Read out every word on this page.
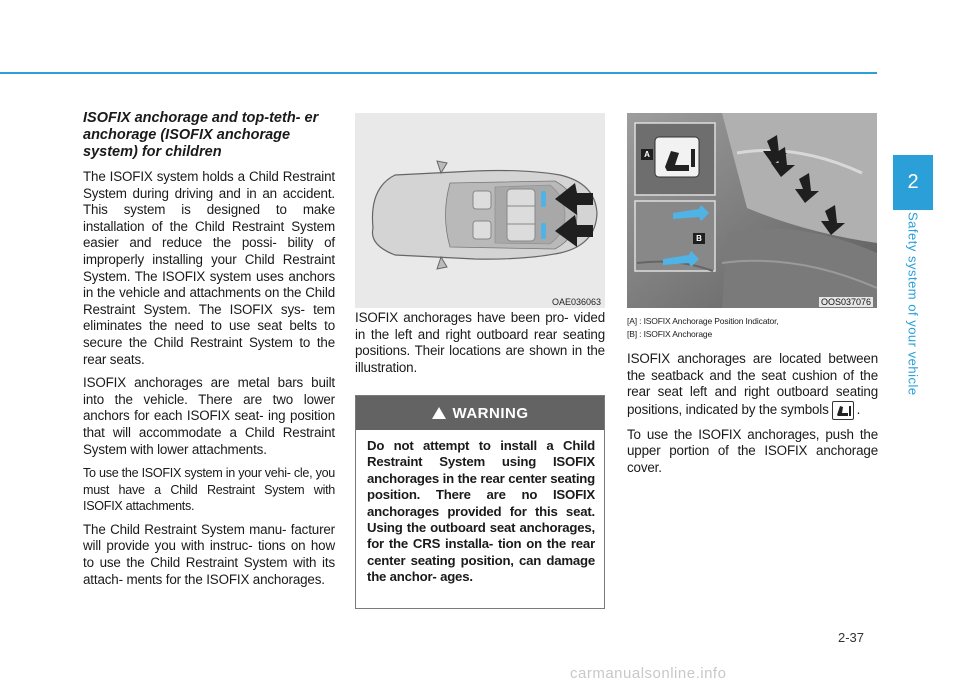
2
Safety system of your vehicle
ISOFIX anchorage and top-teth- er anchorage (ISOFIX anchorage system) for children

The ISOFIX system holds a Child Restraint System during driving and in an accident. This system is designed to make installation of the Child Restraint System easier and reduce the possi- bility of improperly installing your Child Restraint System. The ISOFIX system uses anchors in the vehicle and attachments on the Child Restraint System. The ISOFIX sys- tem eliminates the need to use seat belts to secure the Child Restraint System to the rear seats.

ISOFIX anchorages are metal bars built into the vehicle. There are two lower anchors for each ISOFIX seat- ing position that will accommodate a Child Restraint System with lower attachments.

To use the ISOFIX system in your vehi- cle, you must have a Child Restraint System with ISOFIX attachments.

The Child Restraint System manu- facturer will provide you with instruc- tions on how to use the Child Restraint System with its attach- ments for the ISOFIX anchorages.

OAE036063

ISOFIX anchorages have been pro- vided in the left and right outboard rear seating positions. Their locations are shown in the illustration.

WARNING
Do not attempt to install a Child Restraint System using ISOFIX anchorages in the rear center seating position. There are no ISOFIX anchorages provided for this seat. Using the outboard seat anchorages, for the CRS installa- tion on the rear center seating position, can damage the anchor- ages.
A
B
OOS037076

[A] : ISOFIX Anchorage Position Indicator,

[B] : ISOFIX Anchorage

ISOFIX anchorages are located between the seatback and the seat cushion of the rear seat left and right outboard seating positions, indicated by the symbols .

To use the ISOFIX anchorages, push the upper portion of the ISOFIX anchorage cover.

2-37
carmanualsonline.info
